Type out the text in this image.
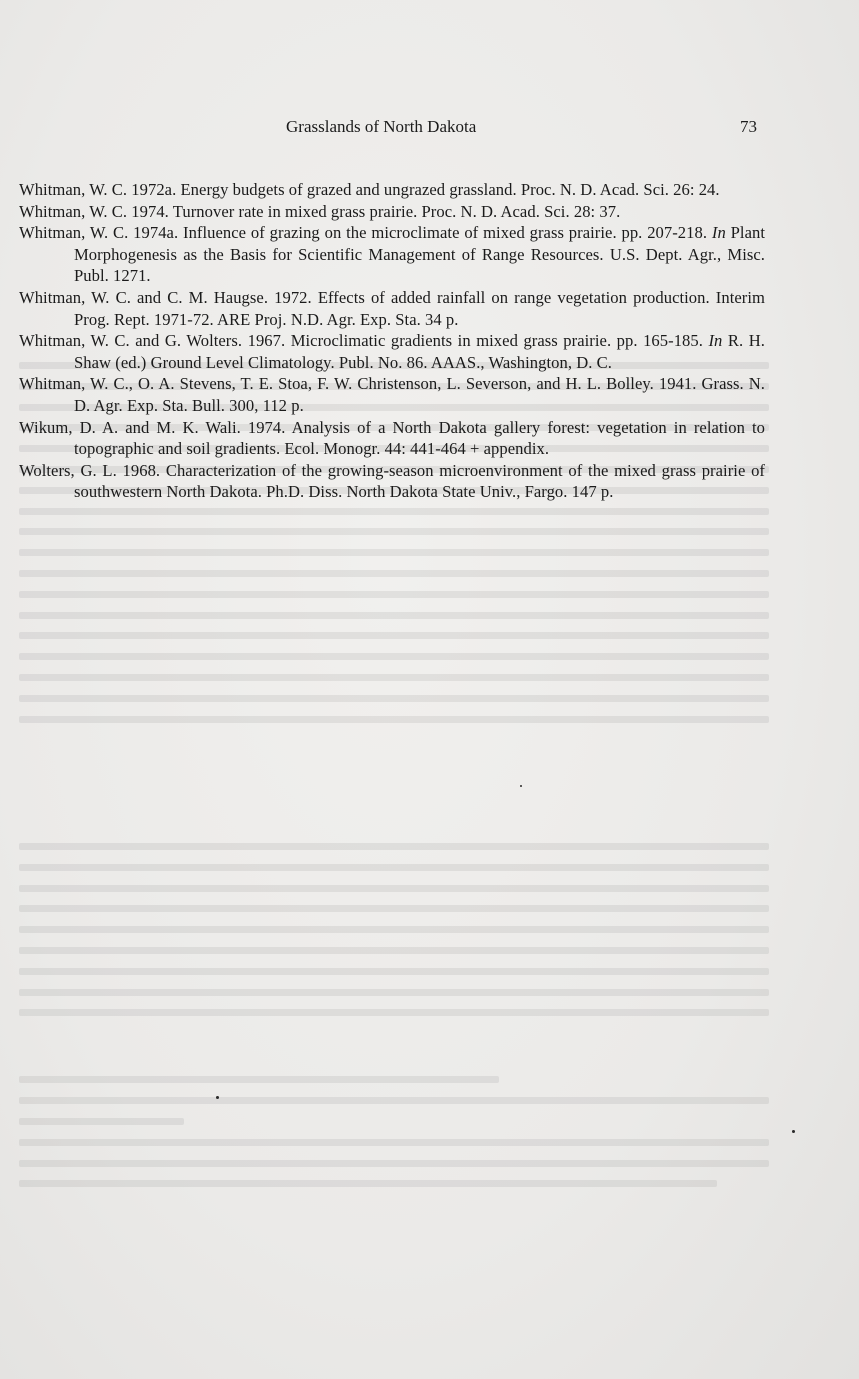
Grasslands of North Dakota	73

Whitman, W. C. 1972a. Energy budgets of grazed and ungrazed grassland. Proc. N. D. Acad. Sci. 26: 24.

Whitman, W. C. 1974. Turnover rate in mixed grass prairie. Proc. N. D. Acad. Sci. 28: 37.

Whitman, W. C. 1974a. Influence of grazing on the microclimate of mixed grass prairie. pp. 207-218. In Plant Morphogenesis as the Basis for Scientific Management of Range Resources. U.S. Dept. Agr., Misc. Publ. 1271.

Whitman, W. C. and C. M. Haugse. 1972. Effects of added rainfall on range vegetation production. Interim Prog. Rept. 1971-72. ARE Proj. N.D. Agr. Exp. Sta. 34 p.

Whitman, W. C. and G. Wolters. 1967. Microclimatic gradients in mixed grass prairie. pp. 165-185. In R. H. Shaw (ed.) Ground Level Climatology. Publ. No. 86. AAAS., Washington, D. C.

Whitman, W. C., O. A. Stevens, T. E. Stoa, F. W. Christenson, L. Severson, and H. L. Bolley. 1941. Grass. N. D. Agr. Exp. Sta. Bull. 300, 112 p.

Wikum, D. A. and M. K. Wali. 1974. Analysis of a North Dakota gallery forest: vegetation in relation to topographic and soil gradients. Ecol. Monogr. 44: 441-464 + appendix.

Wolters, G. L. 1968. Characterization of the growing-season microenvironment of the mixed grass prairie of southwestern North Dakota. Ph.D. Diss. North Dakota State Univ., Fargo. 147 p.
